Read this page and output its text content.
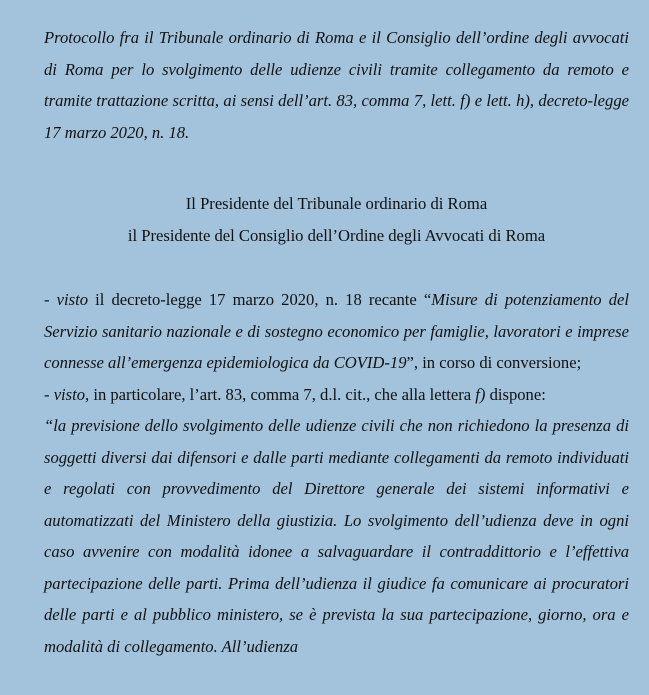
Protocollo fra il Tribunale ordinario di Roma e il Consiglio dell’ordine degli avvocati di Roma per lo svolgimento delle udienze civili tramite collegamento da remoto e tramite trattazione scritta, ai sensi dell’art. 83, comma 7, lett. f) e lett. h), decreto-legge 17 marzo 2020, n. 18.

Il Presidente del Tribunale ordinario di Roma
il Presidente del Consiglio dell’Ordine degli Avvocati di Roma

- visto il decreto-legge 17 marzo 2020, n. 18 recante “Misure di potenziamento del Servizio sanitario nazionale e di sostegno economico per famiglie, lavoratori e imprese connesse all’emergenza epidemiologica da COVID-19”, in corso di conversione;

- visto, in particolare, l’art. 83, comma 7, d.l. cit., che alla lettera f) dispone:

“la previsione dello svolgimento delle udienze civili che non richiedono la presenza di soggetti diversi dai difensori e dalle parti mediante collegamenti da remoto individuati e regolati con provvedimento del Direttore generale dei sistemi informativi e automatizzati del Ministero della giustizia. Lo svolgimento dell’udienza deve in ogni caso avvenire con modalità idonee a salvaguardare il contraddittorio e l’effettiva partecipazione delle parti. Prima dell’udienza il giudice fa comunicare ai procuratori delle parti e al pubblico ministero, se è prevista la sua partecipazione, giorno, ora e modalità di collegamento. All’udienza
